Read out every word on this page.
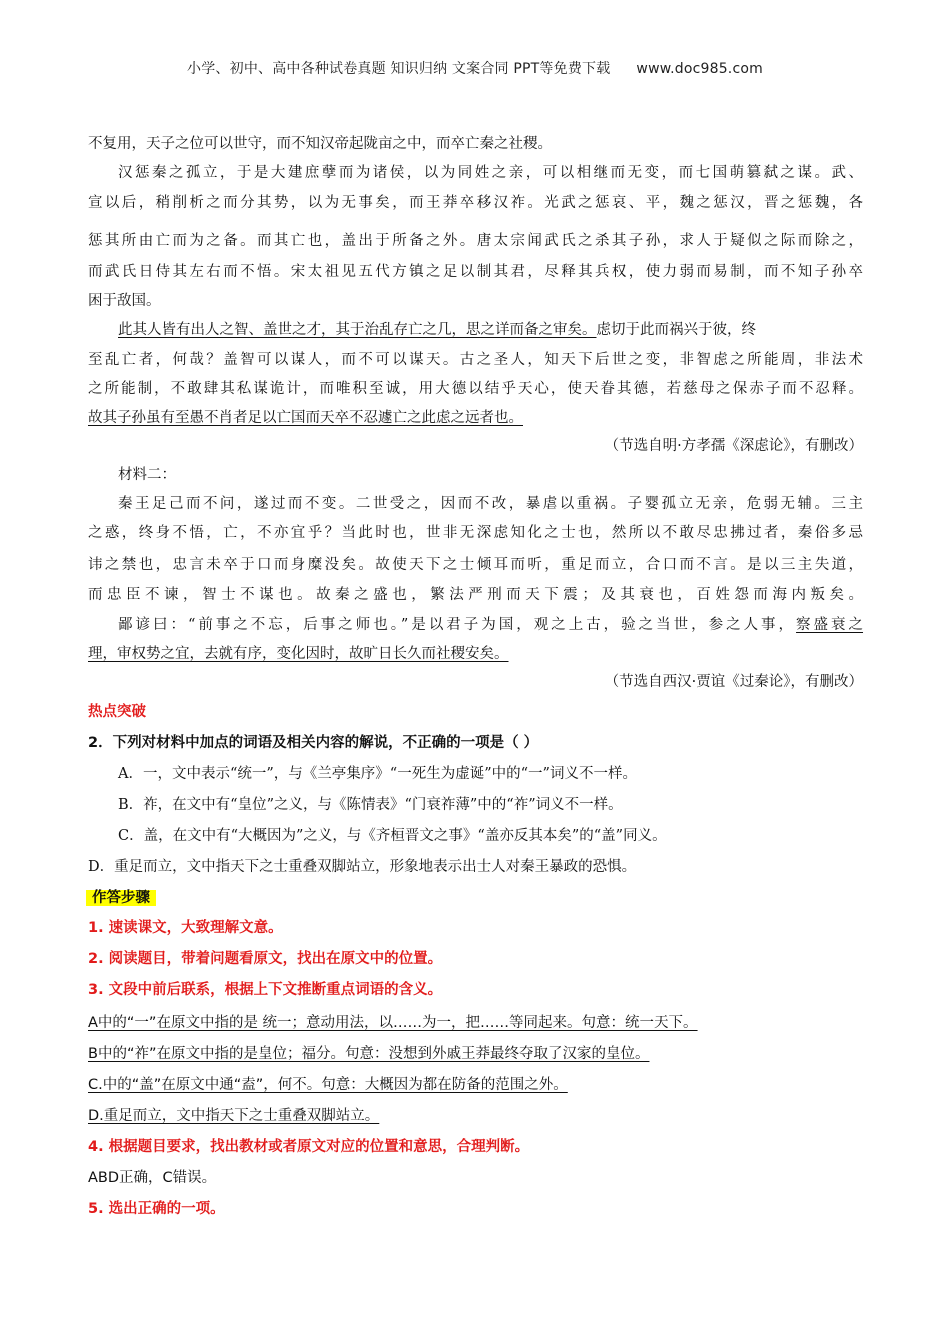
小学、初中、高中各种试卷真题 知识归纳 文案合同 PPT等免费下载 www.doc985.com
不复用，天子之位可以世守，而不知汉帝起陇亩之中，而卒亡秦之社稷。
汉惩秦之孤立，于是大建庶孽而为诸侯，以为同姓之亲，可以相继而无变，而七国萌篡弑之谋。武、
宣以后，稍削析之而分其势，以为无事矣，而王莽卒移汉祚。光武之惩哀、平，魏之惩汉，晋之惩魏，各
惩其所由亡而为之备。而其亡也，盖出于所备之外。唐太宗闻武氏之杀其子孙，求人于疑似之际而除之，
而武氏日侍其左右而不悟。宋太祖见五代方镇之足以制其君，尽释其兵权，使力弱而易制，而不知子孙卒
困于敌国。
此其人皆有出人之智、盖世之才，其于治乱存亡之几，思之详而备之审矣。虑切于此而祸兴于彼，终
至乱亡者，何哉？盖智可以谋人，而不可以谋天。古之圣人，知天下后世之变，非智虑之所能周，非法术
之所能制，不敢肆其私谋诡计，而唯积至诚，用大德以结乎天心，使天眷其德，若慈母之保赤子而不忍释。
故其子孙虽有至愚不肖者足以亡国而天卒不忍遽亡之此虑之远者也。
（节选自明·方孝孺《深虑论》，有删改）
材料二：
秦王足己而不问，遂过而不变。二世受之，因而不改，暴虐以重祸。子婴孤立无亲，危弱无辅。三主
之惑，终身不悟，亡，不亦宜乎？当此时也，世非无深虑知化之士也，然所以不敢尽忠拂过者，秦俗多忌
讳之禁也，忠言未卒于口而身糜没矣。故使天下之士倾耳而听，重足而立，合口而不言。是以三主失道，
而忠臣不谏，智士不谋也。故秦之盛也，繁法严刑而天下震；及其衰也，百姓怨而海内叛矣。
鄙谚曰：“前事之不忘，后事之师也。”是以君子为国，观之上古，验之当世，参之人事，察盛衰之
理，审权势之宜，去就有序，变化因时，故旷日长久而社稷安矣。
（节选自西汉·贾谊《过秦论》，有删改）
热点突破
2．下列对材料中加点的词语及相关内容的解说，不正确的一项是（ ）
A．一，文中表示“统一”，与《兰亭集序》“一死生为虚诞”中的“一”词义不一样。
B．祚，在文中有“皇位”之义，与《陈情表》“门衰祚薄”中的“祚”词义不一样。
C．盖，在文中有“大概因为”之义，与《齐桓晋文之事》“盖亦反其本矣”的“盖”同义。
D．重足而立，文中指天下之士重叠双脚站立，形象地表示出士人对秦王暴政的恐惧。
作答步骤
1. 速读课文，大致理解文意。
2. 阅读题目，带着问题看原文，找出在原文中的位置。
3. 文段中前后联系，根据上下文推断重点词语的含义。
A中的“一”在原文中指的是 统一；意动用法，以……为一，把……等同起来。句意：统一天下。
B中的“祚”在原文中指的是皇位；福分。句意：没想到外戚王莽最终夺取了汉家的皇位。
C.中的“盖”在原文中通“盍”，何不。句意：大概因为都在防备的范围之外。
D.重足而立，文中指天下之士重叠双脚站立。
4. 根据题目要求，找出教材或者原文对应的位置和意思，合理判断。
ABD正确，C错误。
5. 选出正确的一项。
